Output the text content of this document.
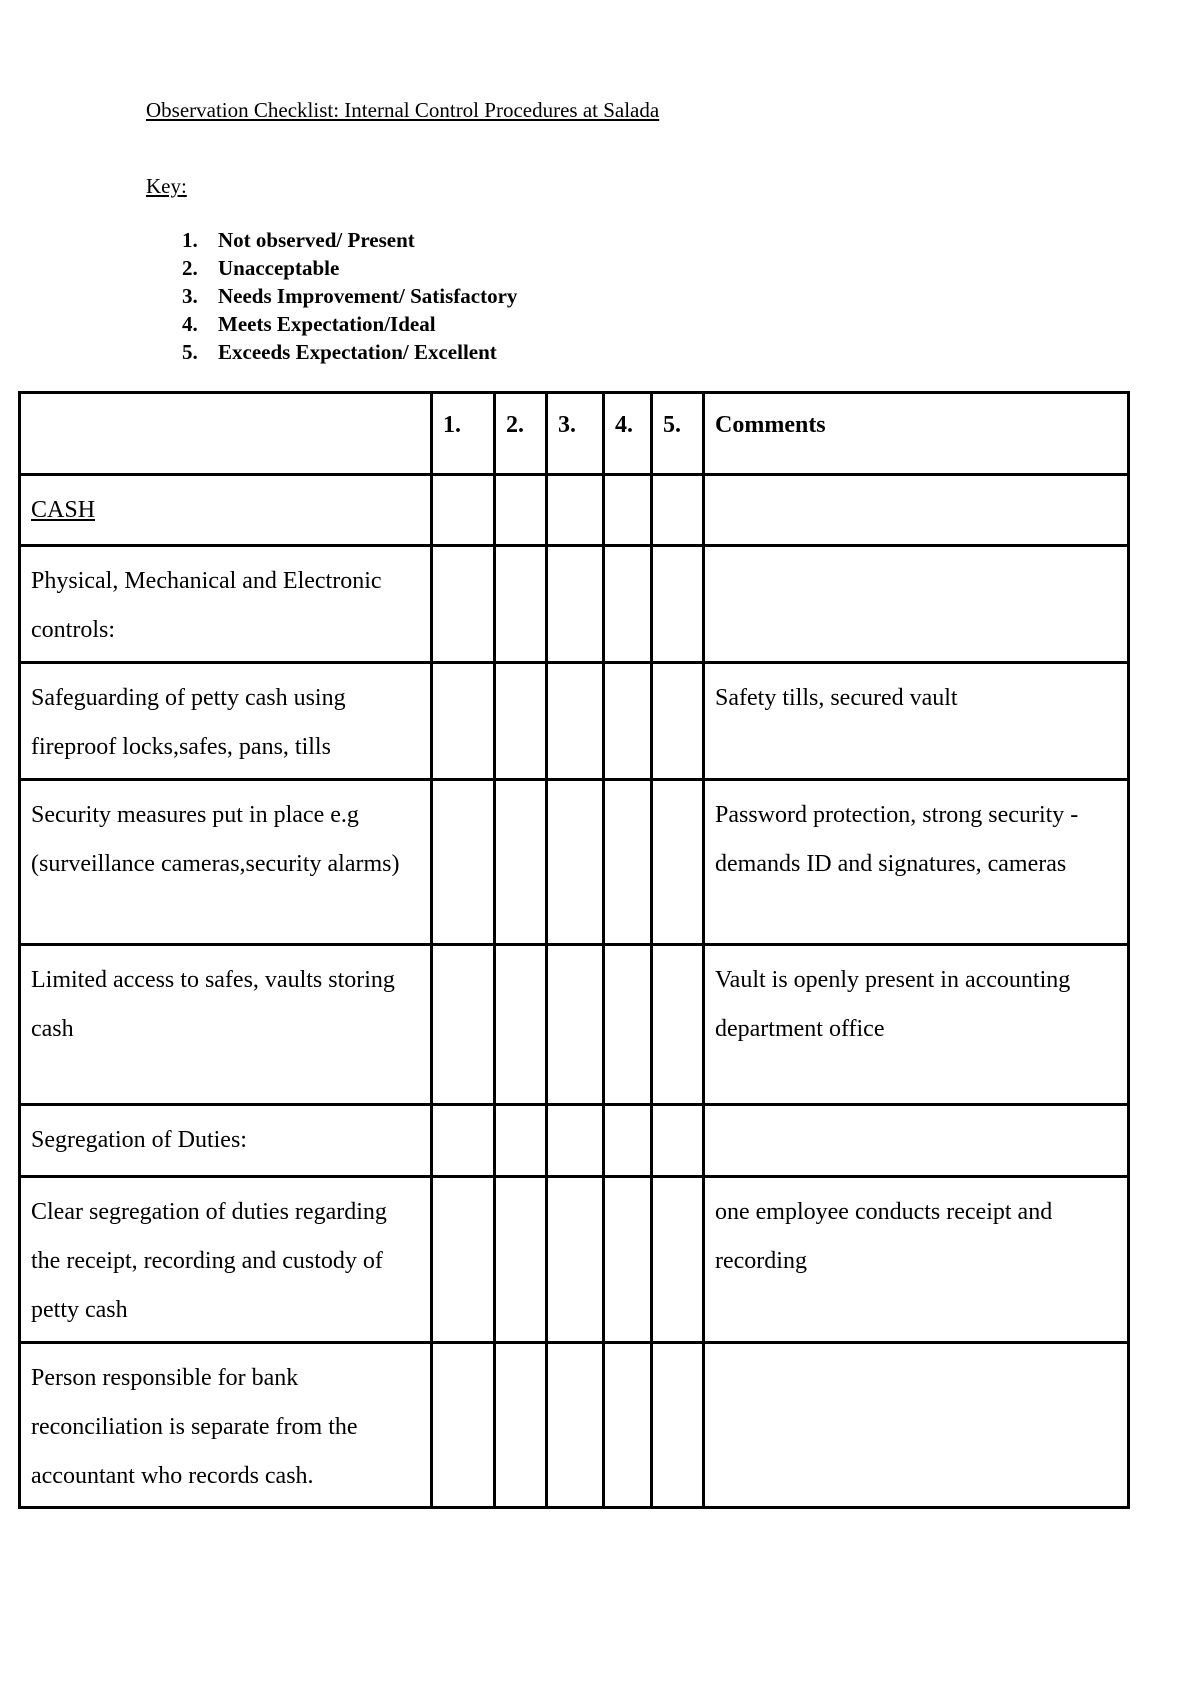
Observation Checklist: Internal Control Procedures at Salada
Key:
1. Not observed/ Present
2. Unacceptable
3. Needs Improvement/ Satisfactory
4. Meets Expectation/Ideal
5. Exceeds Expectation/ Excellent
	1.	2.	3.	4.	5.	Comments
CASH						
Physical, Mechanical and Electronic controls:						
Safeguarding of petty cash using fireproof locks,safes, pans, tills						Safety tills, secured vault
Security measures put in place e.g (surveillance cameras,security alarms)						Password protection, strong security - demands ID and signatures, cameras
Limited access to safes, vaults storing cash						Vault is openly present in accounting department office
Segregation of Duties:						
Clear segregation of duties regarding the receipt, recording and custody of petty cash						one employee conducts receipt and recording
Person responsible for bank reconciliation is separate from the accountant who records cash.						
